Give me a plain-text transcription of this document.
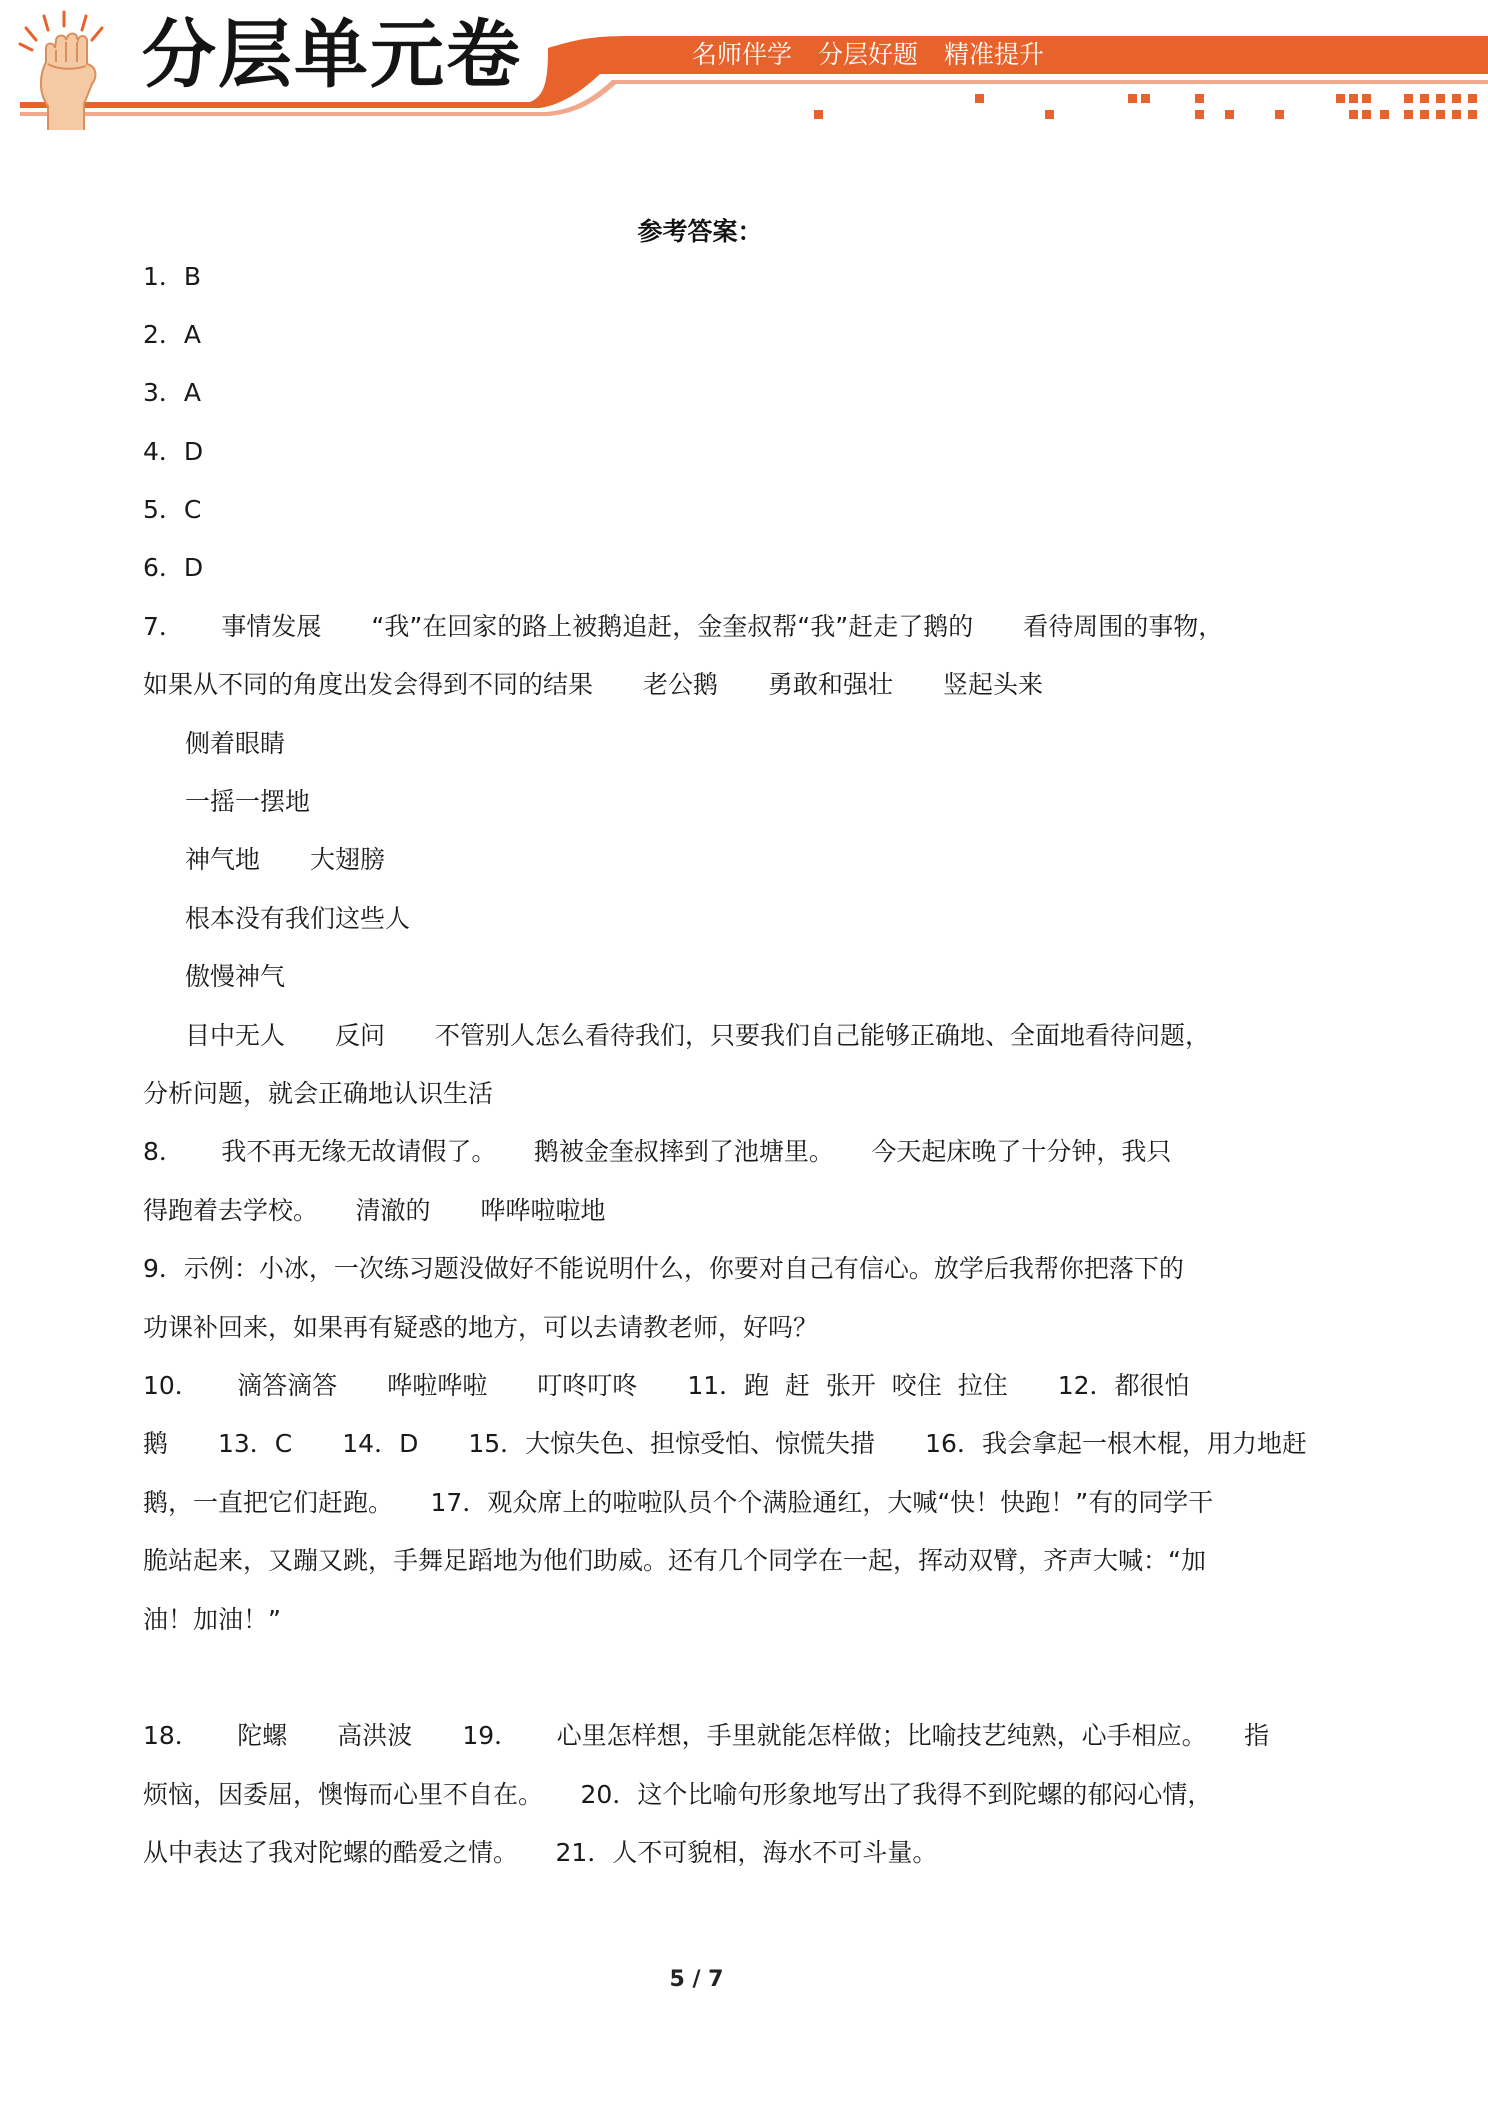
分层单元卷	名师伴学 分层好题 精准提升
参考答案：
1．B
2．A
3．A
4．D
5．C
6．D
7．　　事情发展　　“我”在回家的路上被鹅追赶，金奎叔帮“我”赶走了鹅的　　看待周围的事物，
如果从不同的角度出发会得到不同的结果　　老公鹅　　勇敢和强壮　　竖起头来
侧着眼睛
一摇一摆地
神气地　　大翅膀
根本没有我们这些人
傲慢神气
目中无人　　反问　　不管别人怎么看待我们，只要我们自己能够正确地、全面地看待问题，
分析问题，就会正确地认识生活
8．　　我不再无缘无故请假了。　　鹅被金奎叔摔到了池塘里。　　今天起床晚了十分钟，我只
得跑着去学校。　　清澈的　　哗哗啦啦地
9．示例：小冰，一次练习题没做好不能说明什么，你要对自己有信心。放学后我帮你把落下的
功课补回来，如果再有疑惑的地方，可以去请教老师，好吗？
10．　　滴答滴答　　哗啦哗啦　　叮咚叮咚　　11．跑  赶  张开  咬住  拉住　　12．都很怕
鹅　　13．C　　14．D　　15．大惊失色、担惊受怕、惊慌失措　　16．我会拿起一根木棍，用力地赶
鹅，一直把它们赶跑。　　17．观众席上的啦啦队员个个满脸通红，大喊“快！快跑！”有的同学干
脆站起来，又蹦又跳，手舞足蹈地为他们助威。还有几个同学在一起，挥动双臂，齐声大喊：“加
油！加油！”
18．　　陀螺　　高洪波　　19．　　心里怎样想，手里就能怎样做；比喻技艺纯熟，心手相应。　　指
烦恼，因委屈，懊悔而心里不自在。　　20．这个比喻句形象地写出了我得不到陀螺的郁闷心情，
从中表达了我对陀螺的酷爱之情。　　21．人不可貌相，海水不可斗量。
5 / 7
